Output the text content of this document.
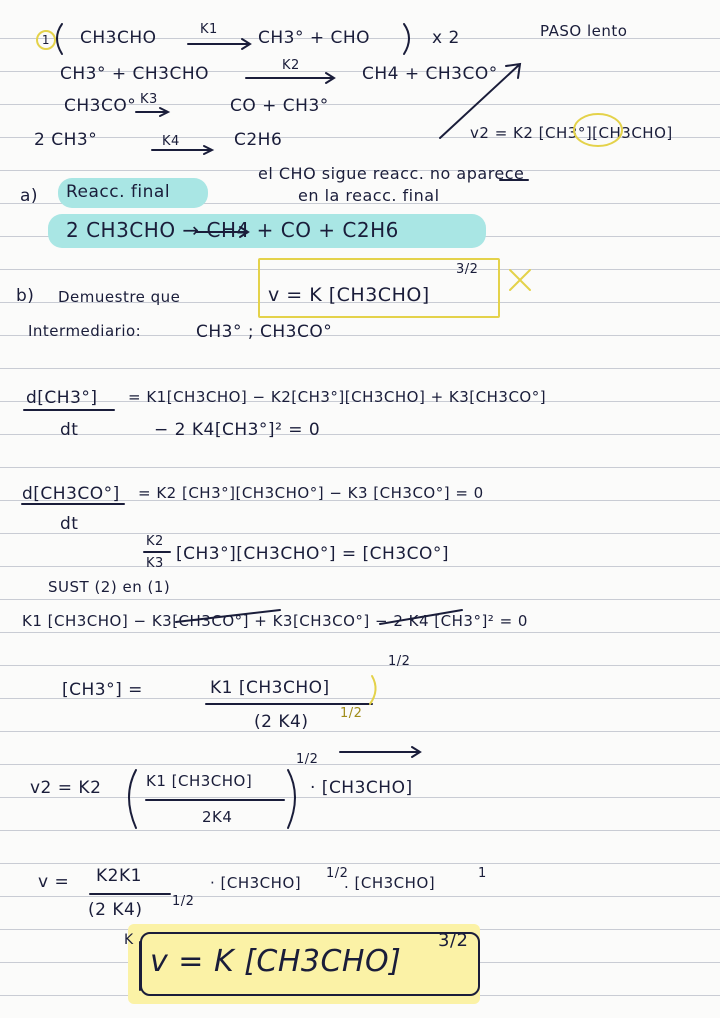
1	CH3CHO	K1 CH3° + CHO	x 2	PASO lento
CH3° + CH3CHO	K2	CH4 + CH3CO°
CH3CO° K3	CO + CH3°
2 CH3°	K4	C2H6	v2 = K2 [CH3°][CH3CHO]
a) Reacc. final
el CHO sigue reacc. no aparece
en la reacc. final
2 CH3CHO → CH4 + CO + C2H6
b) Demuestre que	v = K [CH3CHO]
3/2
Intermediario:	CH3° ; CH3CO°
d[CH3°]
dt
= K1[CH3CHO] − K2[CH3°][CH3CHO] + K3[CH3CO°]
− 2 K4[CH3°]² = 0
d[CH3CO°]
dt
= K2 [CH3°][CH3CHO°] − K3 [CH3CO°] = 0
K2
K3 [CH3°][CH3CHO°] = [CH3CO°]
SUST (2) en (1)
K1 [CH3CHO] − K3[CH3CO°] + K3[CH3CO°] − 2 K4 [CH3°]² = 0
[CH3°] =	K1 [CH3CHO]
1/2
(2 K4) 1/2
v2 = K2	K1 [CH3CHO]
2K4
1/2
· [CH3CHO]
v = K2K1
(2 K4) 1/2
· [CH3CHO]
1/2
. [CH3CHO]
1
K
v = K [CH3CHO]
3/2
